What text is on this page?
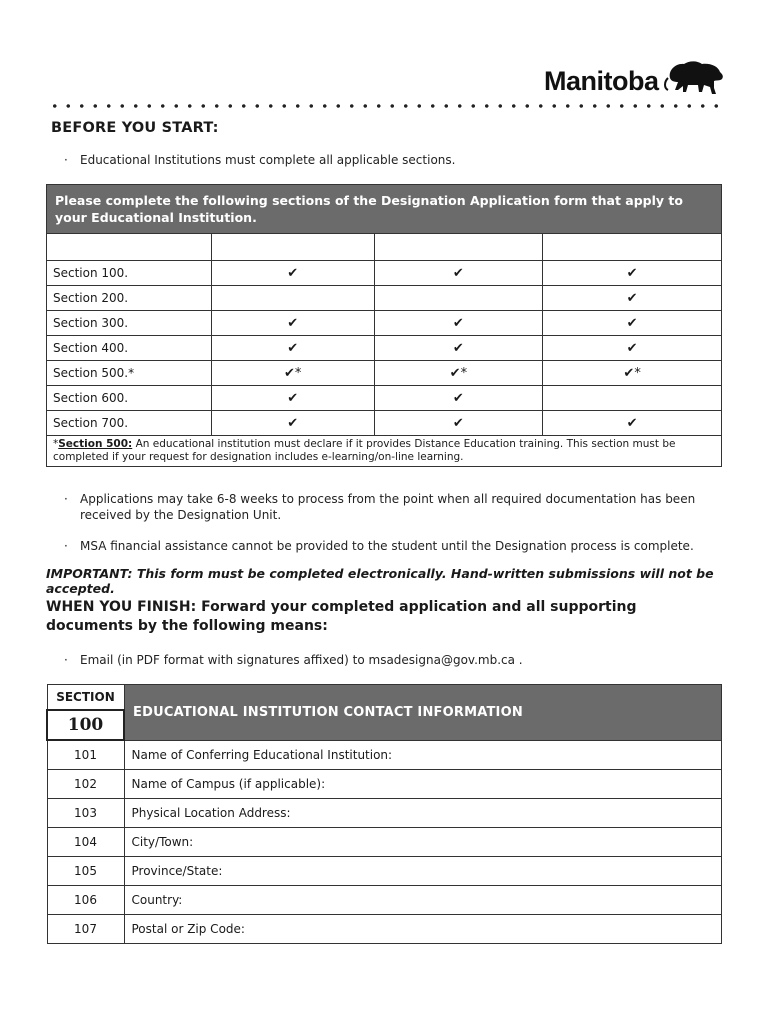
Manitoba
BEFORE YOU START:
· Educational Institutions must complete all applicable sections.
Please complete the following sections of the Designation Application form that apply to your Educational Institution.			

Section 100.	✔	✔	✔
Section 200.			✔
Section 300.	✔	✔	✔
Section 400.	✔	✔	✔
Section 500.*	✔*	✔*	✔*
Section 600.	✔	✔	
Section 700.	✔	✔	✔
*Section 500: An educational institution must declare if it provides Distance Education training. This section must be completed if your request for designation includes e-learning/on-line learning.			
· Applications may take 6-8 weeks to process from the point when all required documentation has been received by the Designation Unit.
· MSA financial assistance cannot be provided to the student until the Designation process is complete.
IMPORTANT: This form must be completed electronically. Hand-written submissions will not be accepted.
WHEN YOU FINISH: Forward your completed application and all supporting documents by the following means:
· Email (in PDF format with signatures affixed) to msadesigna@gov.mb.ca .
SECTION	EDUCATIONAL INSTITUTION CONTACT INFORMATION
100	
101	Name of Conferring Educational Institution:
102	Name of Campus (if applicable):
103	Physical Location Address:
104	City/Town:
105	Province/State:
106	Country:
107	Postal or Zip Code:
